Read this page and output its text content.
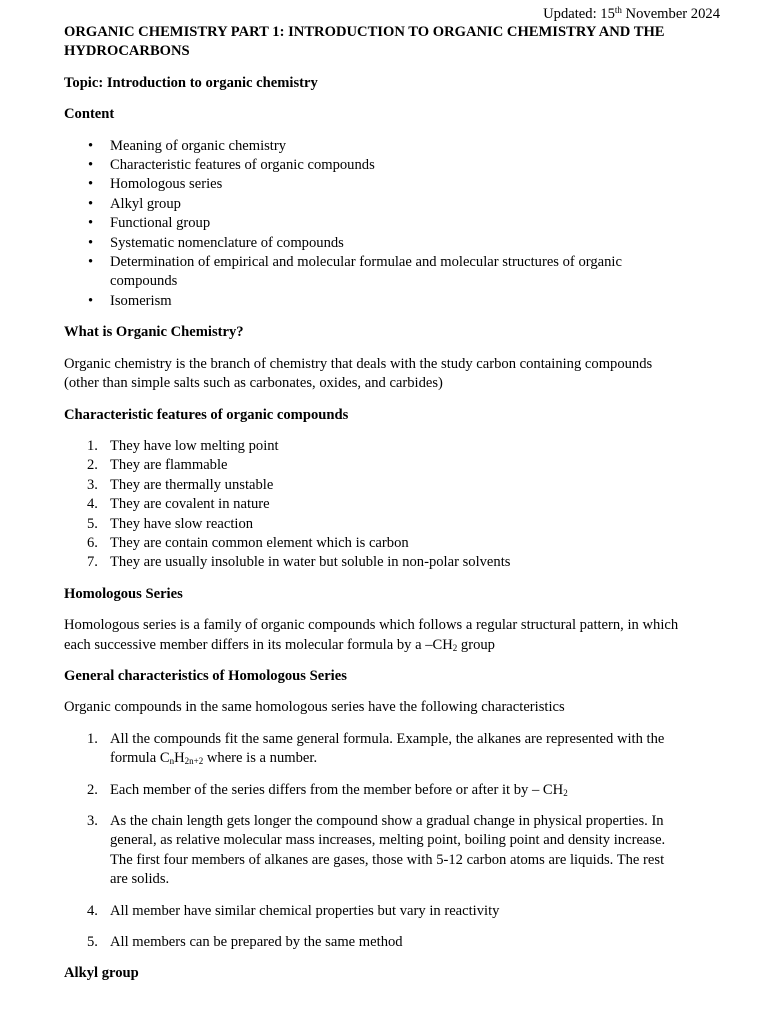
Updated: 15th November 2024
ORGANIC CHEMISTRY PART 1: INTRODUCTION TO ORGANIC CHEMISTRY AND THE HYDROCARBONS
Topic: Introduction to organic chemistry
Content
• Meaning of organic chemistry
• Characteristic features of organic compounds
• Homologous series
• Alkyl group
• Functional group
• Systematic nomenclature of compounds
• Determination of empirical and molecular formulae and molecular structures of organic compounds
• Isomerism
What is Organic Chemistry?

Organic chemistry is the branch of chemistry that deals with the study carbon containing compounds (other than simple salts such as carbonates, oxides, and carbides)

Characteristic features of organic compounds
1. They have low melting point
2. They are flammable
3. They are thermally unstable
4. They are covalent in nature
5. They have slow reaction
6. They are contain common element which is carbon
7. They are usually insoluble in water but soluble in non-polar solvents
Homologous Series

Homologous series is a family of organic compounds which follows a regular structural pattern, in which each successive member differs in its molecular formula by a $-CH_2$ group

General characteristics of Homologous Series

Organic compounds in the same homologous series have the following characteristics

1. All the compounds fit the same general formula. Example, the alkanes are represented with the formula $C_nH_{2n+2}$ where is a number.
2. Each member of the series differs from the member before or after it by – $CH_2$
3. As the chain length gets longer the compound show a gradual change in physical properties. In general, as relative molecular mass increases, melting point, boiling point and density increase. The first four members of alkanes are gases, those with 5-12 carbon atoms are liquids. The rest are solids.
4. All member have similar chemical properties but vary in reactivity
5. All members can be prepared by the same method
Alkyl group
